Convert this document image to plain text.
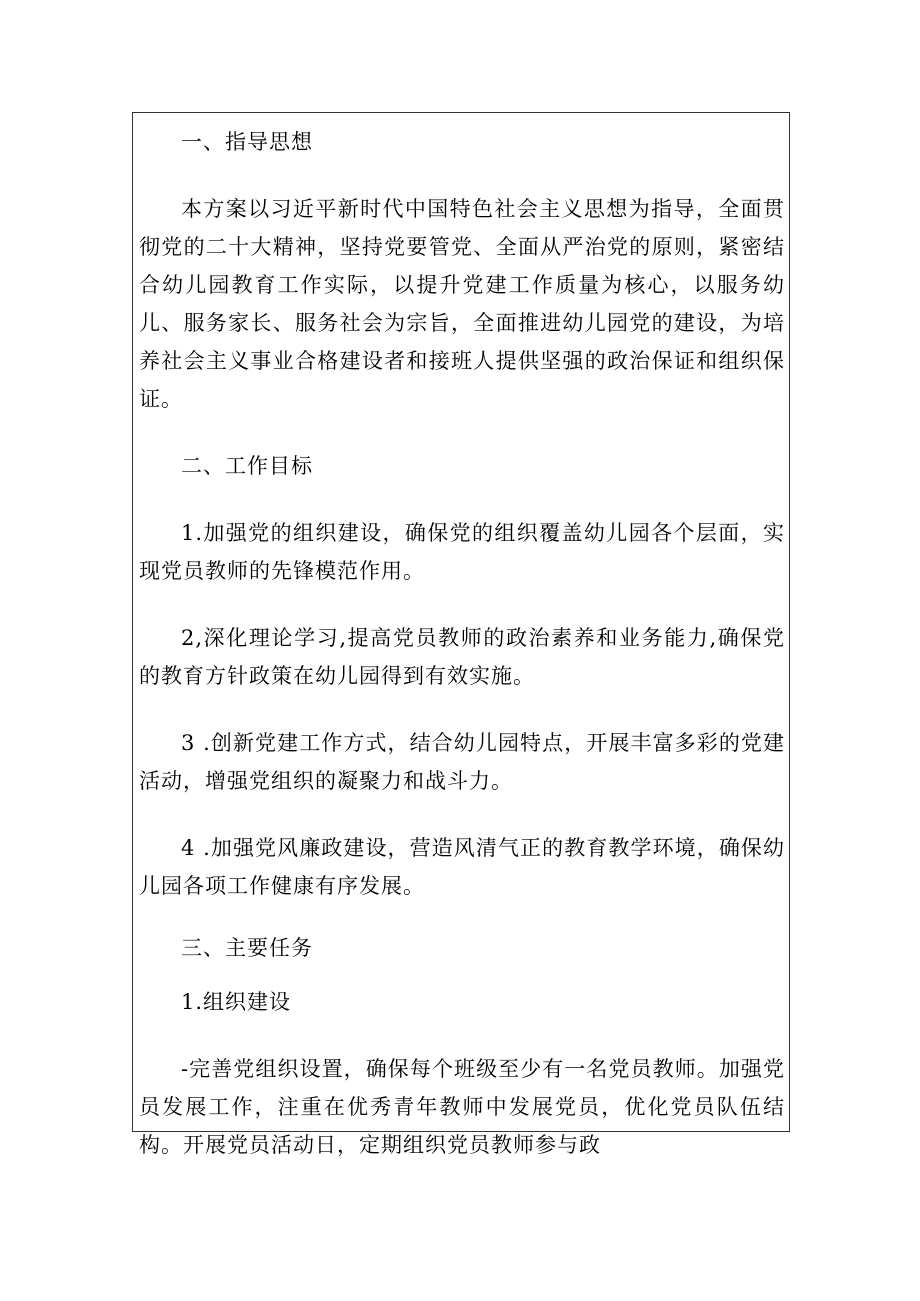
一、指导思想

本方案以习近平新时代中国特色社会主义思想为指导，全面贯彻党的二十大精神，坚持党要管党、全面从严治党的原则，紧密结合幼儿园教育工作实际，以提升党建工作质量为核心，以服务幼儿、服务家长、服务社会为宗旨，全面推进幼儿园党的建设，为培养社会主义事业合格建设者和接班人提供坚强的政治保证和组织保证。

二、工作目标

1.加强党的组织建设，确保党的组织覆盖幼儿园各个层面，实现党员教师的先锋模范作用。

2,深化理论学习,提高党员教师的政治素养和业务能力,确保党的教育方针政策在幼儿园得到有效实施。

3 .创新党建工作方式，结合幼儿园特点，开展丰富多彩的党建活动，增强党组织的凝聚力和战斗力。

4 .加强党风廉政建设，营造风清气正的教育教学环境，确保幼儿园各项工作健康有序发展。

三、主要任务

1.组织建设

-完善党组织设置，确保每个班级至少有一名党员教师。加强党员发展工作，注重在优秀青年教师中发展党员，优化党员队伍结构。开展党员活动日，定期组织党员教师参与政
